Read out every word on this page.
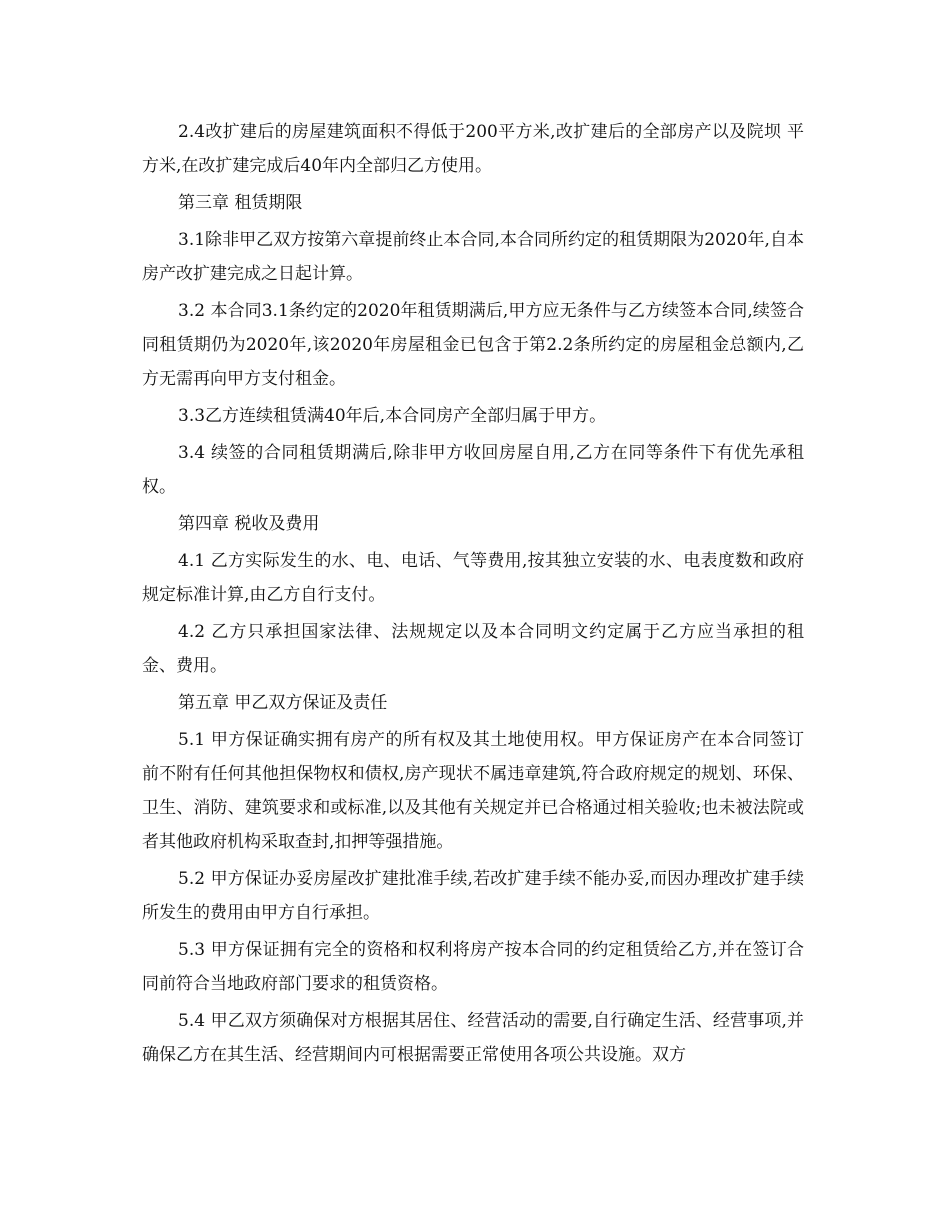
2.4改扩建后的房屋建筑面积不得低于200平方米,改扩建后的全部房产以及院坝 平方米,在改扩建完成后40年内全部归乙方使用。

第三章 租赁期限

3.1除非甲乙双方按第六章提前终止本合同,本合同所约定的租赁期限为2020年,自本房产改扩建完成之日起计算。

3.2 本合同3.1条约定的2020年租赁期满后,甲方应无条件与乙方续签本合同,续签合同租赁期仍为2020年,该2020年房屋租金已包含于第2.2条所约定的房屋租金总额内,乙方无需再向甲方支付租金。

3.3乙方连续租赁满40年后,本合同房产全部归属于甲方。

3.4 续签的合同租赁期满后,除非甲方收回房屋自用,乙方在同等条件下有优先承租权。

第四章 税收及费用

4.1 乙方实际发生的水、电、电话、气等费用,按其独立安装的水、电表度数和政府规定标准计算,由乙方自行支付。

4.2 乙方只承担国家法律、法规规定以及本合同明文约定属于乙方应当承担的租金、费用。

第五章 甲乙双方保证及责任

5.1 甲方保证确实拥有房产的所有权及其土地使用权。甲方保证房产在本合同签订前不附有任何其他担保物权和债权,房产现状不属违章建筑,符合政府规定的规划、环保、卫生、消防、建筑要求和或标准,以及其他有关规定并已合格通过相关验收;也未被法院或者其他政府机构采取查封,扣押等强措施。

5.2 甲方保证办妥房屋改扩建批准手续,若改扩建手续不能办妥,而因办理改扩建手续所发生的费用由甲方自行承担。

5.3 甲方保证拥有完全的资格和权利将房产按本合同的约定租赁给乙方,并在签订合同前符合当地政府部门要求的租赁资格。

5.4 甲乙双方须确保对方根据其居住、经营活动的需要,自行确定生活、经营事项,并确保乙方在其生活、经营期间内可根据需要正常使用各项公共设施。双方
